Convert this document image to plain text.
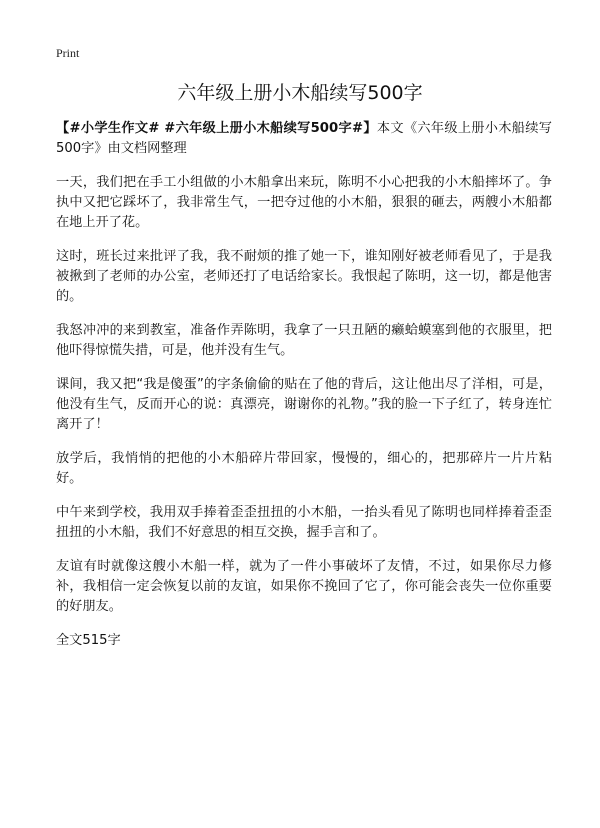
Print
六年级上册小木船续写500字

【#小学生作文# #六年级上册小木船续写500字#】本文《六年级上册小木船续写500字》由文档网整理

一天，我们把在手工小组做的小木船拿出来玩，陈明不小心把我的小木船摔坏了。争执中又把它踩坏了，我非常生气，一把夺过他的小木船，狠狠的砸去，两艘小木船都在地上开了花。

这时，班长过来批评了我，我不耐烦的推了她一下，谁知刚好被老师看见了，于是我被揪到了老师的办公室，老师还打了电话给家长。我恨起了陈明，这一切，都是他害的。

我怒冲冲的来到教室，准备作弄陈明，我拿了一只丑陋的癞蛤蟆塞到他的衣服里，把他吓得惊慌失措，可是，他并没有生气。

课间，我又把“我是傻蛋”的字条偷偷的贴在了他的背后，这让他出尽了洋相，可是，他没有生气，反而开心的说：真漂亮，谢谢你的礼物。”我的脸一下子红了，转身连忙离开了！

放学后，我悄悄的把他的小木船碎片带回家，慢慢的，细心的，把那碎片一片片粘好。

中午来到学校，我用双手捧着歪歪扭扭的小木船，一抬头看见了陈明也同样捧着歪歪扭扭的小木船，我们不好意思的相互交换，握手言和了。

友谊有时就像这艘小木船一样，就为了一件小事破坏了友情，不过，如果你尽力修补，我相信一定会恢复以前的友谊，如果你不挽回了它了，你可能会丧失一位你重要的好朋友。

全文515字
